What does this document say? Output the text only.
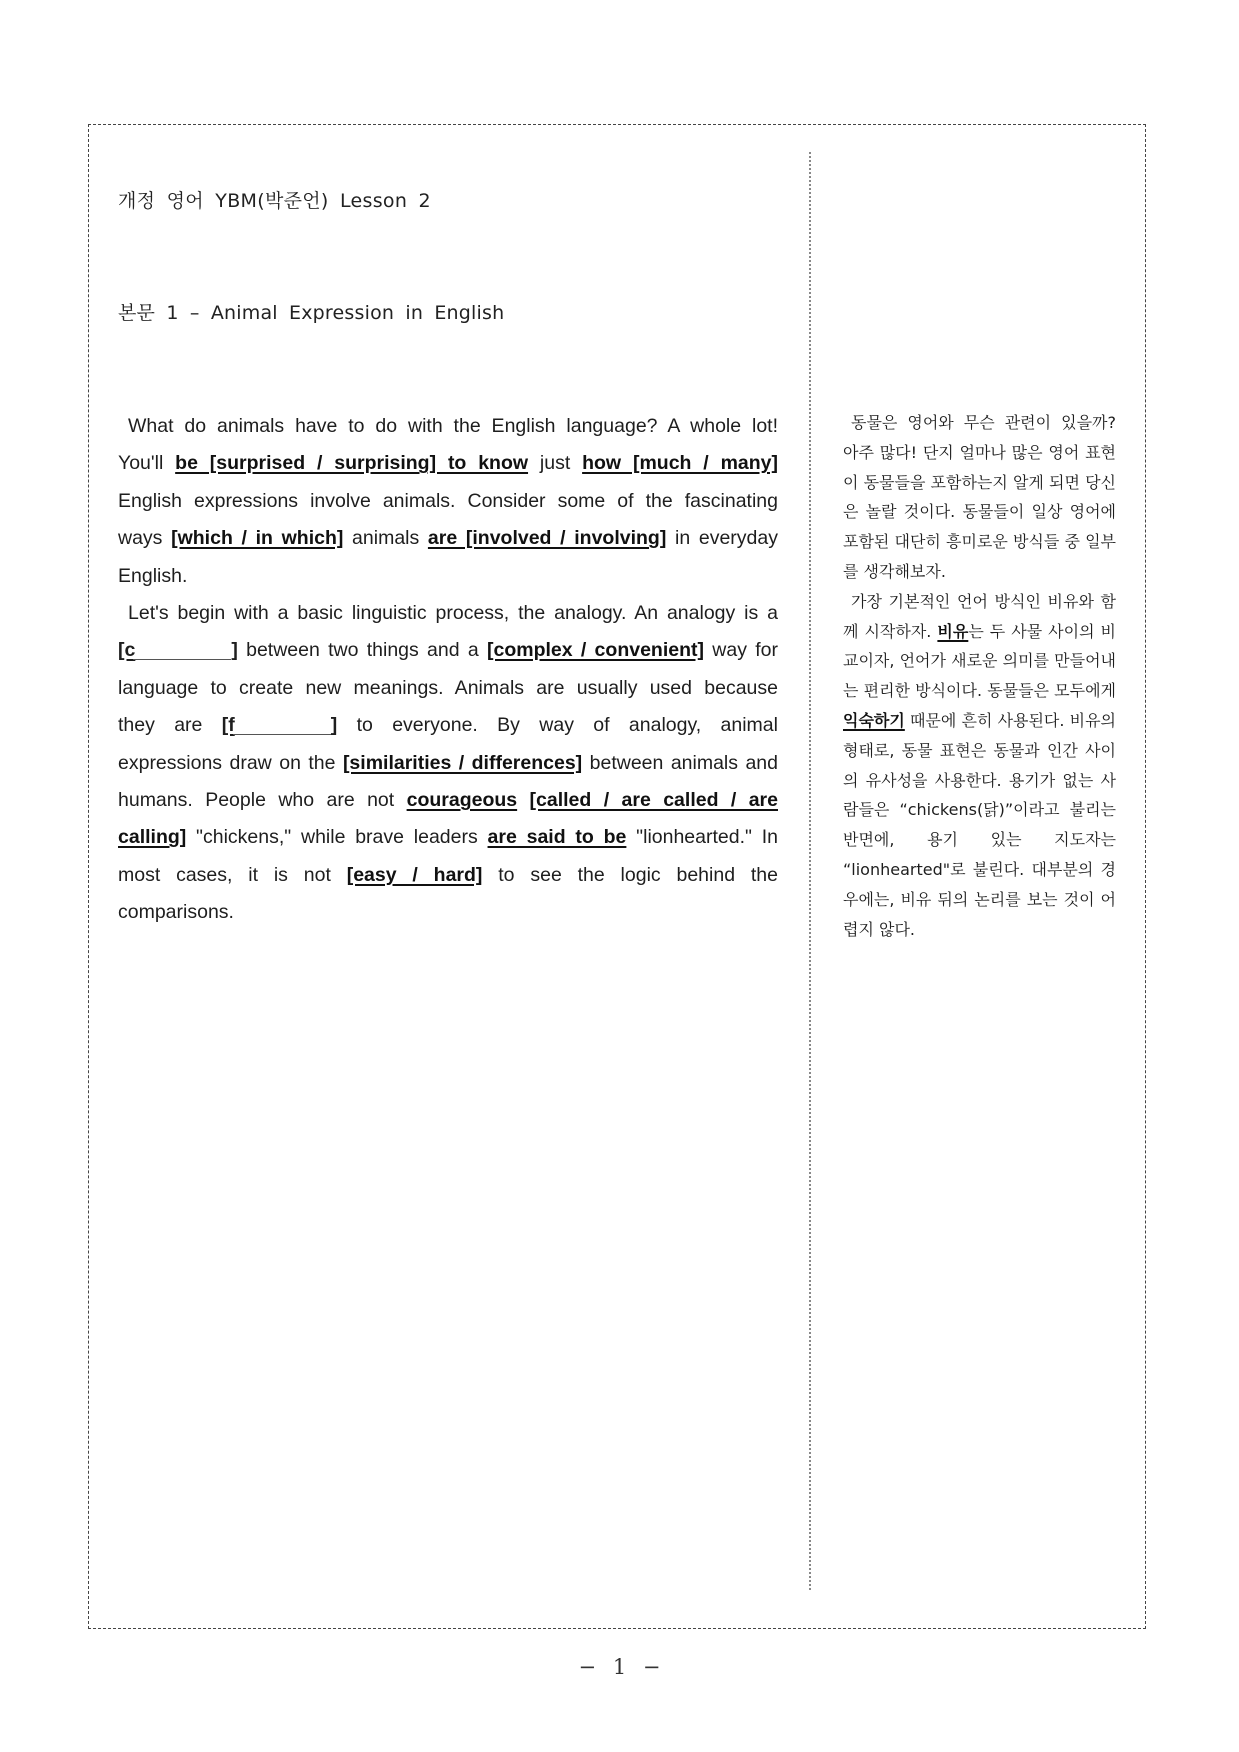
개정 영어 YBM(박준언) Lesson 2
본문 1 – Animal Expression in English

What do animals have to do with the English language? A whole lot! You'll be [surprised / surprising] to know just how [much / many] English expressions involve animals. Consider some of the fascinating ways [which / in which] animals are [involved / involving] in everyday English.

Let's begin with a basic linguistic process, the analogy. An analogy is a [c	] between two things and a [complex / convenient] way for language to create new meanings. Animals are usually used because they are [f	] to everyone. By way of analogy, animal expressions draw on the [similarities / differences] between animals and humans. People who are not courageous [called / are called / are calling] "chickens," while brave leaders are said to be "lionhearted." In most cases, it is not [easy / hard] to see the logic behind the comparisons.

동물은 영어와 무슨 관련이 있을까? 아주 많다! 단지 얼마나 많은 영어 표현이 동물들을 포함하는지 알게 되면 당신은 놀랄 것이다. 동물들이 일상 영어에 포함된 대단히 흥미로운 방식들 중 일부를 생각해보자.

가장 기본적인 언어 방식인 비유와 함께 시작하자. 비유는 두 사물 사이의 비교이자, 언어가 새로운 의미를 만들어내는 편리한 방식이다. 동물들은 모두에게 익숙하기 때문에 흔히 사용된다. 비유의 형태로, 동물 표현은 동물과 인간 사이의 유사성을 사용한다. 용기가 없는 사람들은 “chickens(닭)”이라고 불리는 반면에, 용기 있는 지도자는 “lionhearted"로 불린다. 대부분의 경우에는, 비유 뒤의 논리를 보는 것이 어렵지 않다.

− 1 −
